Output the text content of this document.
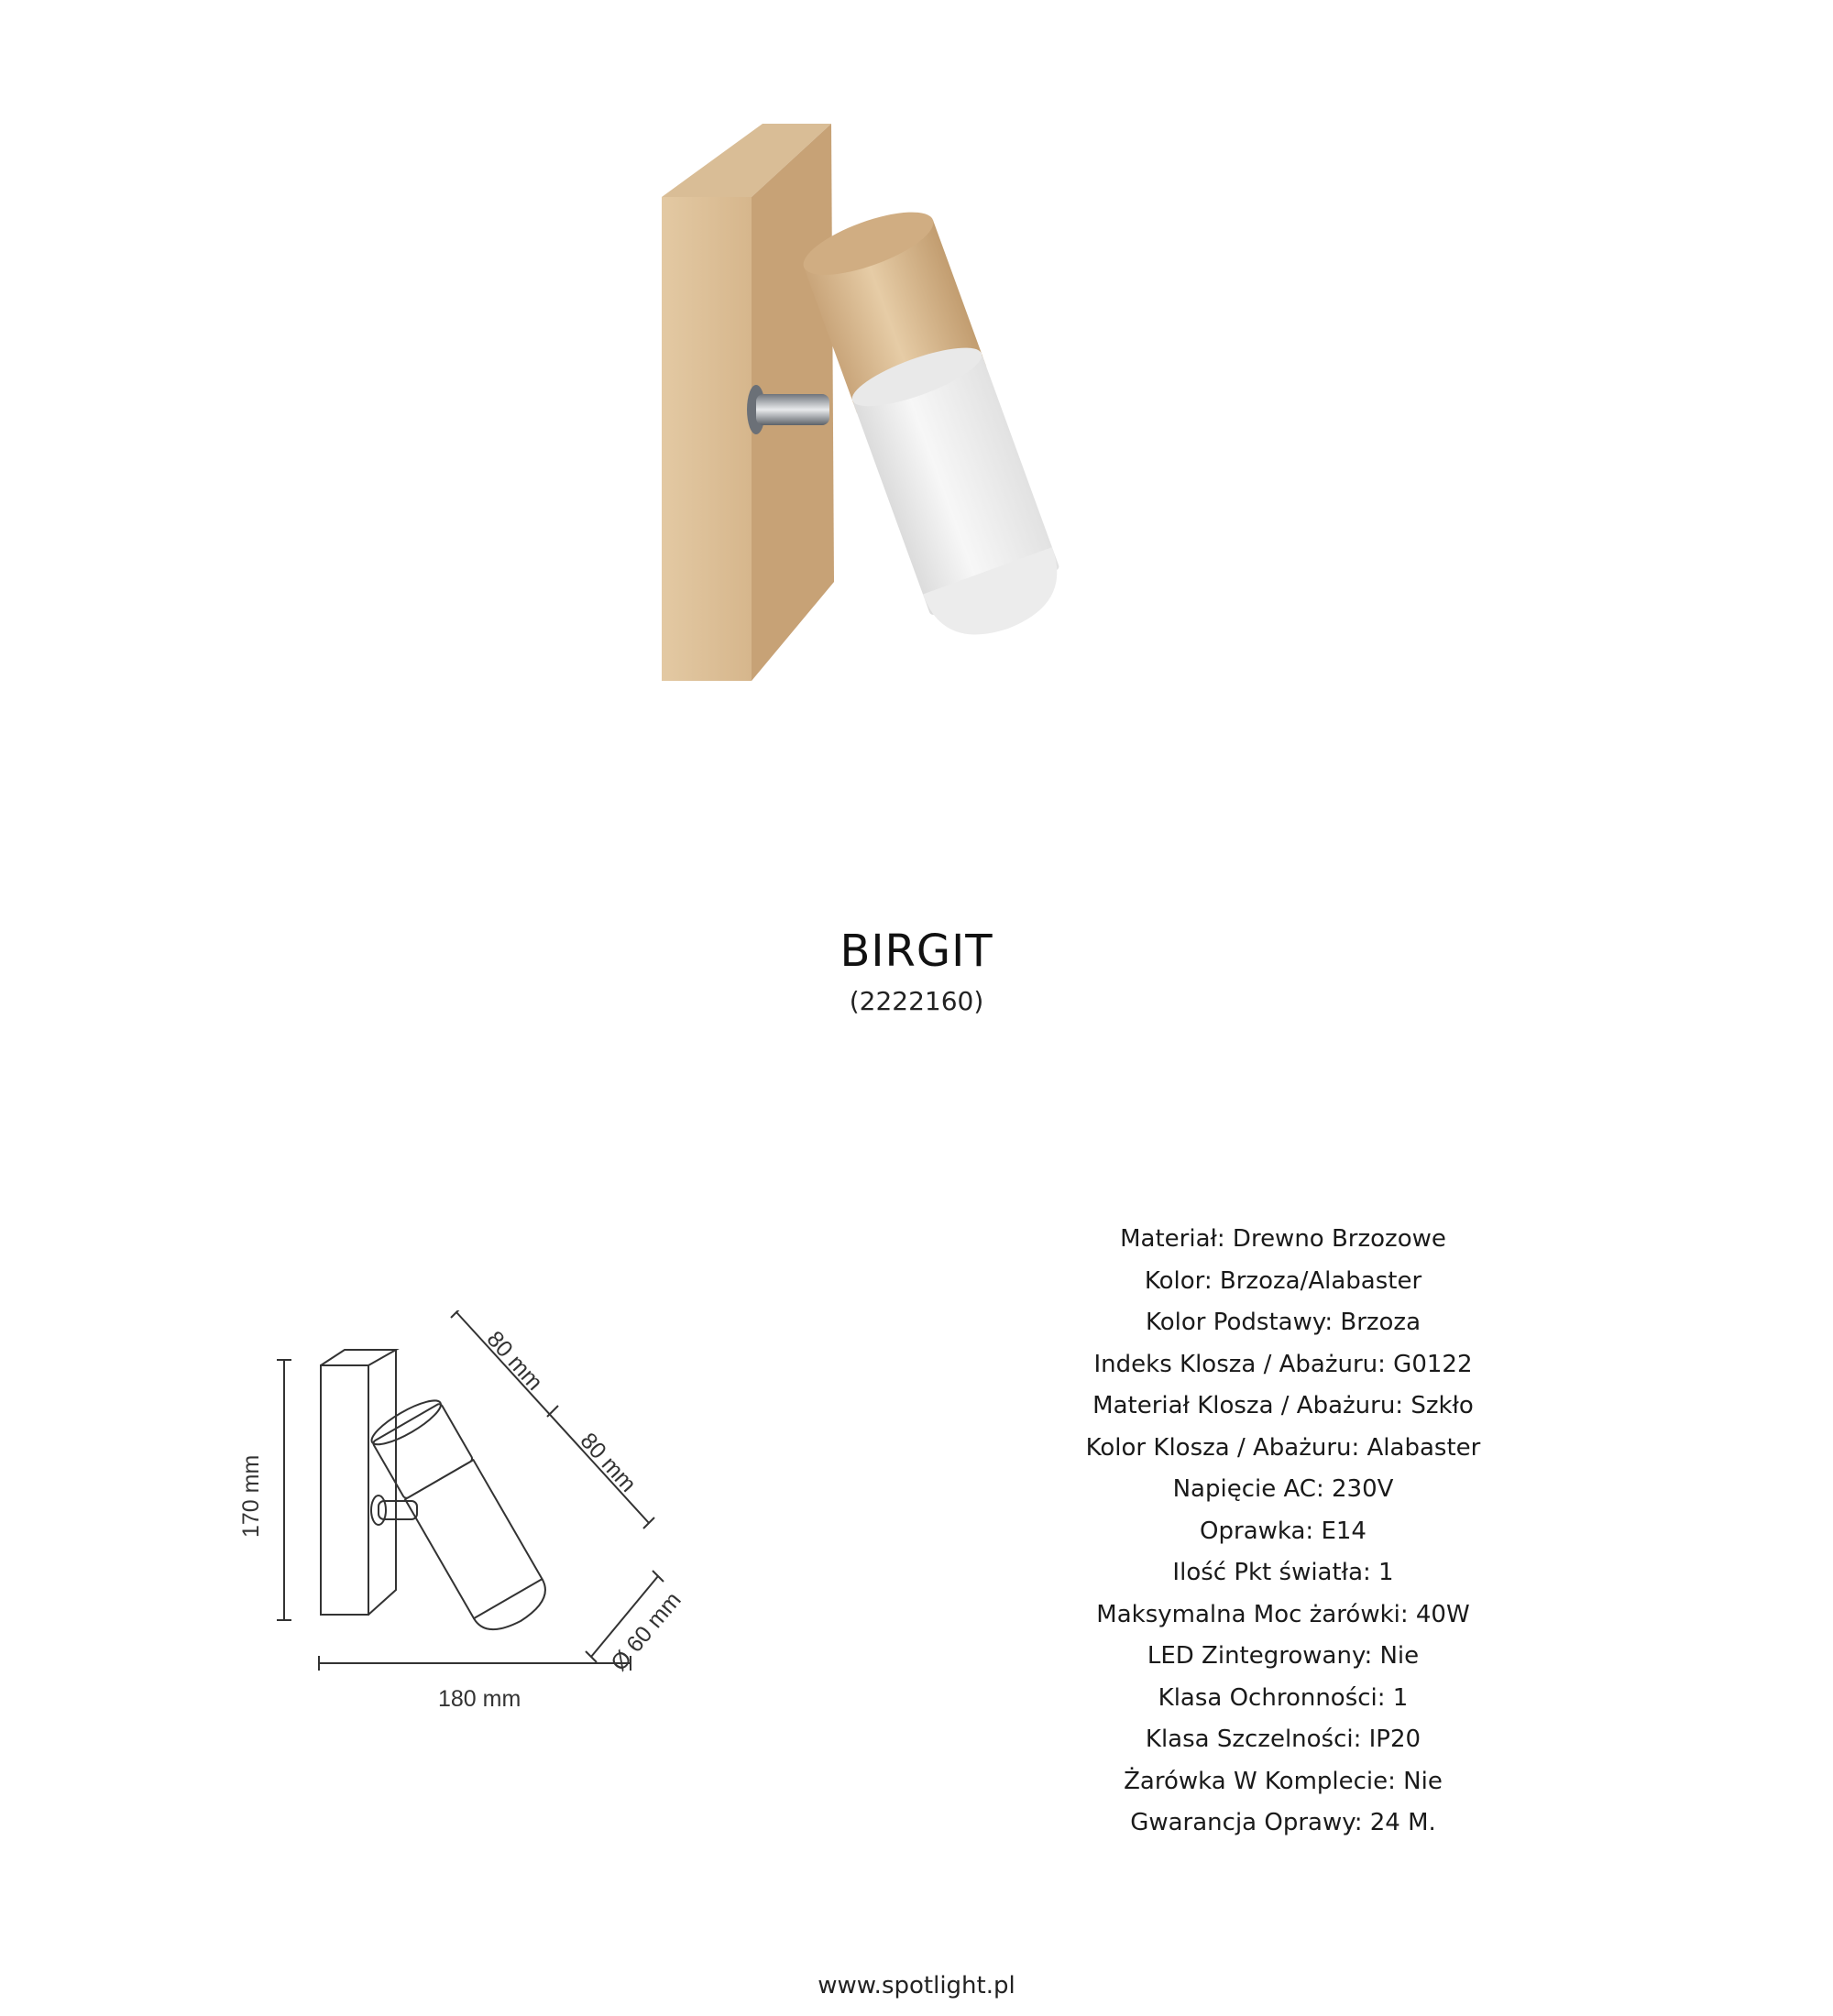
BIRGIT
(2222160)
170 mm
180 mm
80 mm
80 mm
Ø 60 mm
Materiał: Drewno Brzozowe
Kolor: Brzoza/Alabaster
Kolor Podstawy: Brzoza
Indeks Klosza / Abażuru: G0122
Materiał Klosza / Abażuru: Szkło
Kolor Klosza / Abażuru: Alabaster
Napięcie AC: 230V
Oprawka: E14
Ilość Pkt światła: 1
Maksymalna Moc żarówki: 40W
LED Zintegrowany: Nie
Klasa Ochronności: 1
Klasa Szczelności: IP20
Żarówka W Komplecie: Nie
Gwarancja Oprawy: 24 M.
www.spotlight.pl
